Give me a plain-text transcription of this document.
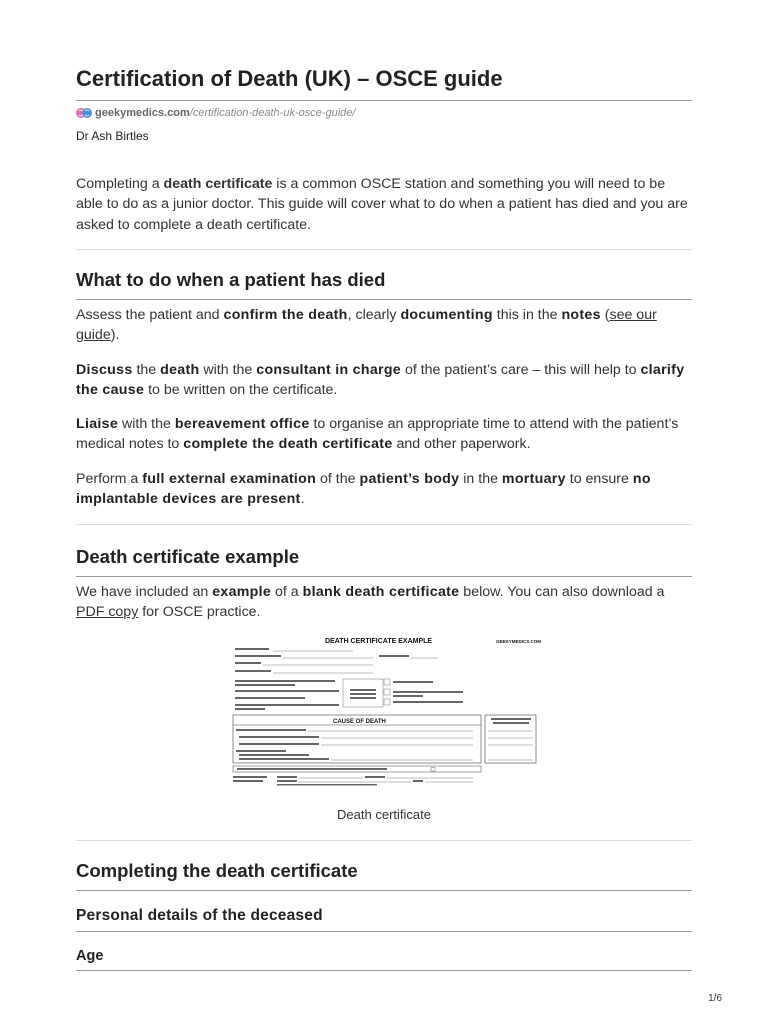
Certification of Death (UK) – OSCE guide
geekymedics.com /certification-death-uk-osce-guide/
Dr Ash Birtles

Completing a death certificate is a common OSCE station and something you will need to be able to do as a junior doctor. This guide will cover what to do when a patient has died and you are asked to complete a death certificate.

What to do when a patient has died

Assess the patient and confirm the death, clearly documenting this in the notes (see our guide).

Discuss the death with the consultant in charge of the patient’s care – this will help to clarify the cause to be written on the certificate.

Liaise with the bereavement office to organise an appropriate time to attend with the patient’s medical notes to complete the death certificate and other paperwork.

Perform a full external examination of the patient’s body in the mortuary to ensure no implantable devices are present.

Death certificate example

We have included an example of a blank death certificate below. You can also download a PDF copy for OSCE practice.

DEATH CERTIFICATE EXAMPLE	GEEKYMEDICS.COM
CAUSE OF DEATH
Death certificate
Completing the death certificate
Personal details of the deceased
Age
1/6
